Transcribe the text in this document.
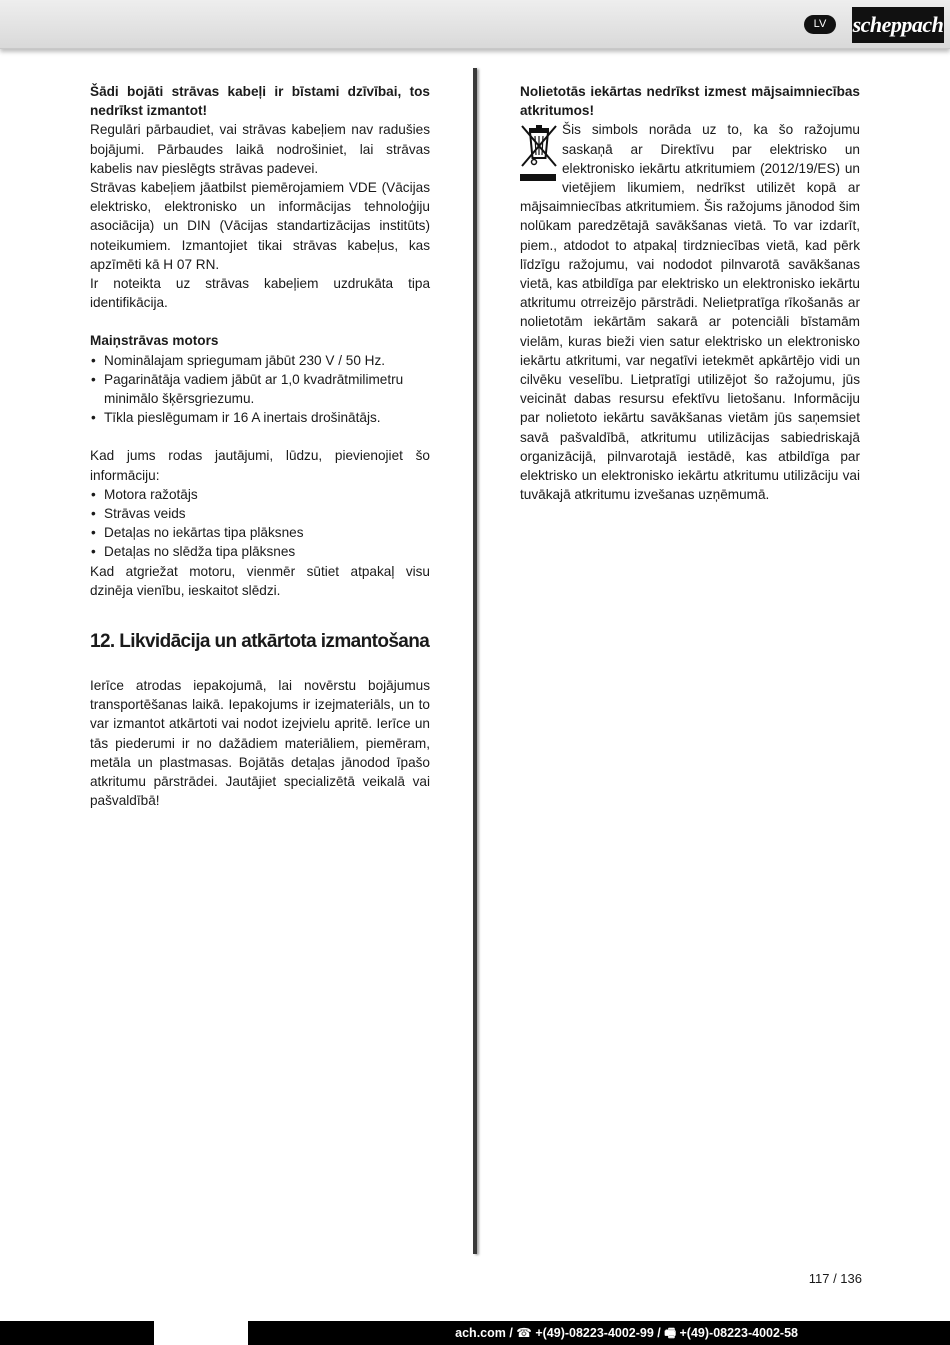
LV	scheppach

Šādi bojāti strāvas kabeļi ir bīstami dzīvībai, tos nedrīkst izmantot!

Regulāri pārbaudiet, vai strāvas kabeļiem nav radušies bojājumi. Pārbaudes laikā nodrošiniet, lai strāvas kabelis nav pieslēgts strāvas padevei.

Strāvas kabeļiem jāatbilst piemērojamiem VDE (Vācijas elektrisko, elektronisko un informācijas tehnoloģiju asociācija) un DIN (Vācijas standartizācijas institūts) noteikumiem. Izmantojiet tikai strāvas kabeļus, kas apzīmēti kā H 07 RN.

Ir noteikta uz strāvas kabeļiem uzdrukāta tipa identifikācija.

Maiņstrāvas motors

• Nominālajam spriegumam jābūt 230 V / 50 Hz.
• Pagarinātāja vadiem jābūt ar 1,0 kvadrātmilimetru minimālo šķērsgriezumu.
• Tīkla pieslēgumam ir 16 A inertais drošinātājs.

Kad jums rodas jautājumi, lūdzu, pievienojiet šo informāciju:

• Motora ražotājs
• Strāvas veids
• Detaļas no iekārtas tipa plāksnes
• Detaļas no slēdža tipa plāksnes

Kad atgriežat motoru, vienmēr sūtiet atpakaļ visu dzinēja vienību, ieskaitot slēdzi.

12. Likvidācija un atkārtota izmantošana

Ierīce atrodas iepakojumā, lai novērstu bojājumus transportēšanas laikā. Iepakojums ir izejmateriāls, un to var izmantot atkārtoti vai nodot izejvielu apritē. Ierīce un tās piederumi ir no dažādiem materiāliem, piemēram, metāla un plastmasas. Bojātās detaļas jānodod īpašo atkritumu pārstrādei. Jautājiet specializētā veikalā vai pašvaldībā!

Nolietotās iekārtas nedrīkst izmest mājsaimniecības atkritumos!

Šis simbols norāda uz to, ka šo ražojumu saskaņā ar Direktīvu par elektrisko un elektronisko iekārtu atkritumiem (2012/19/ES) un vietējiem likumiem, nedrīkst utilizēt kopā ar mājsaimniecības atkritumiem. Šis ražojums jānodod šim nolūkam paredzētajā savākšanas vietā. To var izdarīt, piem., atdodot to atpakaļ tirdzniecības vietā, kad pērk līdzīgu ražojumu, vai nododot pilnvarotā savākšanas vietā, kas atbildīga par elektrisko un elektronisko iekārtu atkritumu otrreizējo pārstrādi. Nelietpratīga rīkošanās ar nolietotām iekārtām sakarā ar potenciāli bīstamām vielām, kuras bieži vien satur elektrisko un elektronisko iekārtu atkritumi, var negatīvi ietekmēt apkārtējo vidi un cilvēku veselību. Lietpratīgi utilizējot šo ražojumu, jūs veicināt dabas resursu efektīvu lietošanu. Informāciju par nolietoto iekārtu savākšanas vietām jūs saņemsiet savā pašvaldībā, atkritumu utilizācijas sabiedriskajā organizācijā, pilnvarotajā iestādē, kas atbildīga par elektrisko un elektronisko iekārtu atkritumu utilizāciju vai tuvākajā atkritumu izvešanas uzņēmumā.

117 / 136
ach.com / ☎ +(49)-08223-4002-99 / 🖷 +(49)-08223-4002-58
